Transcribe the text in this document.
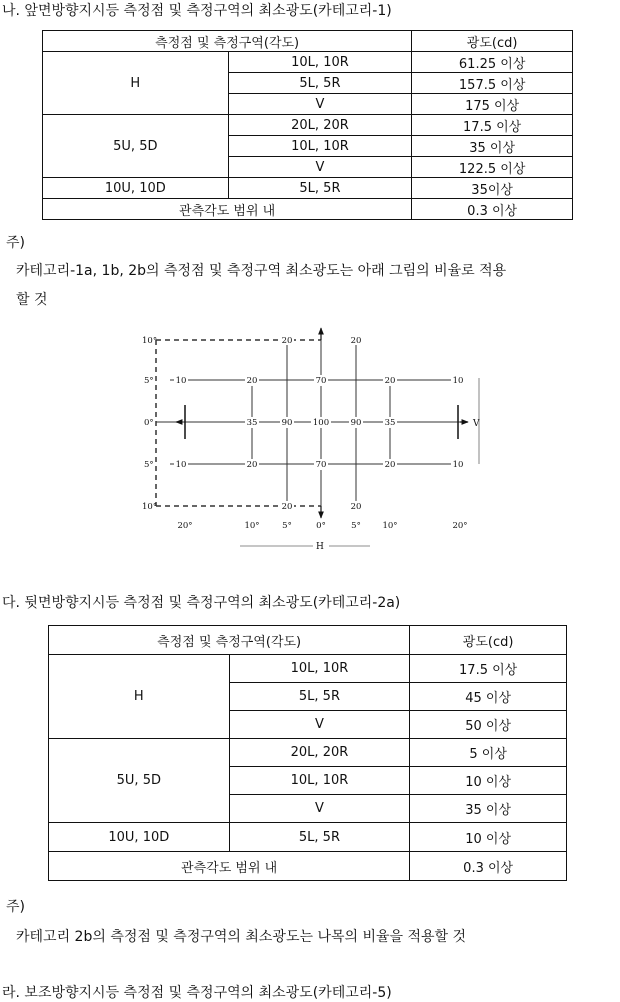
나. 앞면방향지시등 측정점 및 측정구역의 최소광도(카테고리-1)
측정점 및 측정구역(각도)		광도(cd)
H	10L, 10R	61.25 이상
	5L, 5R	157.5 이상
	V	175 이상
5U, 5D	20L, 20R	17.5 이상
	10L, 10R	35 이상
	V	122.5 이상
10U, 10D	5L, 5R	35이상
관측각도 범위 내		0.3 이상
주)
카테고리-1a, 1b, 2b의 측정점 및 측정구역 최소광도는 아래 그림의 비율로 적용
할 것
V
H
10°
5°
0°
5°
10°
20°	10°	5°	0°	5°	10°	20°
20	20
10	20	70	20	10
35	90 100	90	35
10	20	70	20	10
20	20
다. 뒷면방향지시등 측정점 및 측정구역의 최소광도(카테고리-2a)
측정점 및 측정구역(각도)		광도(cd)
H	10L, 10R	17.5 이상
	5L, 5R	45 이상
	V	50 이상
5U, 5D	20L, 20R	5 이상
	10L, 10R	10 이상
	V	35 이상
10U, 10D	5L, 5R	10 이상
관측각도 범위 내		0.3 이상
주)
카테고리 2b의 측정점 및 측정구역의 최소광도는 나목의 비율을 적용할 것
라. 보조방향지시등 측정점 및 측정구역의 최소광도(카테고리-5)
